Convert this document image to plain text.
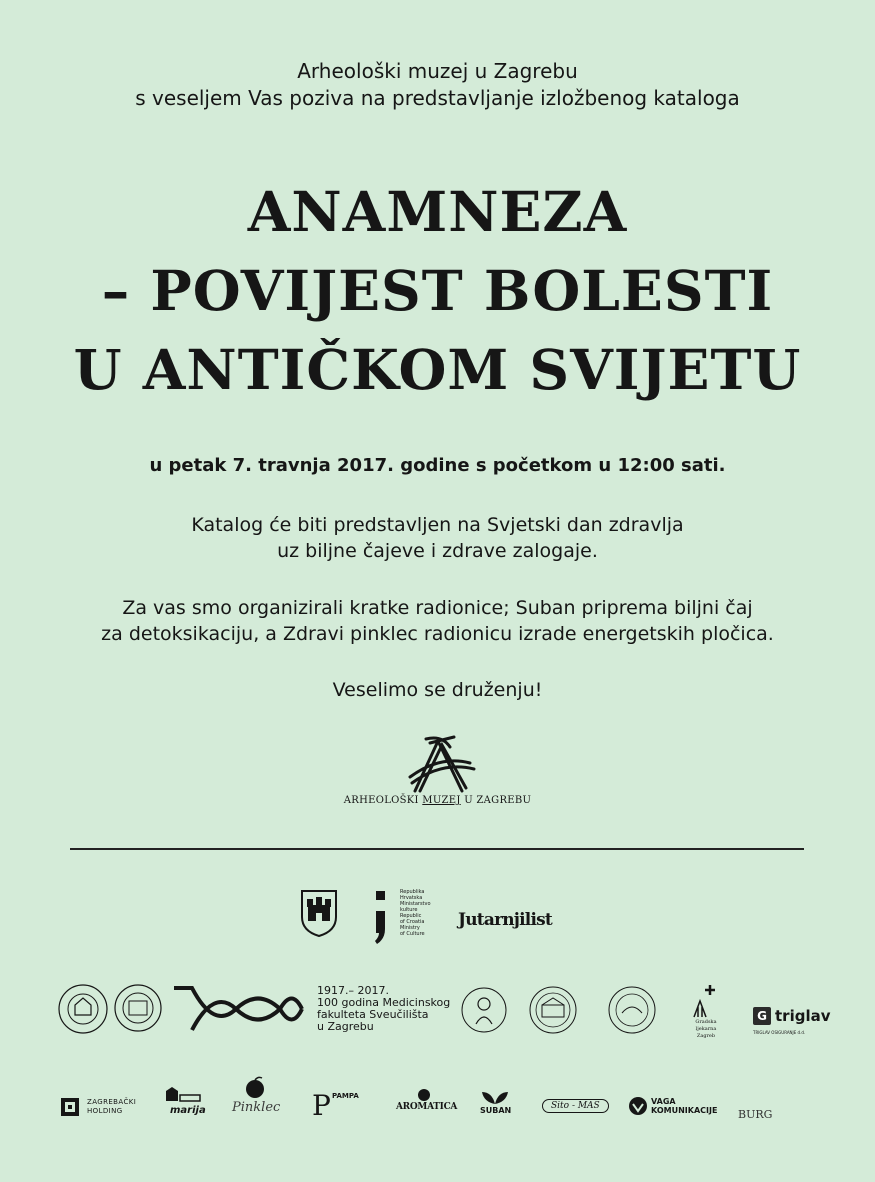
Arheološki muzej u Zagrebu
s veseljem Vas poziva na predstavljanje izložbenog kataloga
ANAMNEZA
– POVIJEST BOLESTI
U ANTIČKOM SVIJETU
u petak 7. travnja 2017. godine s početkom u 12:00 sati.
Katalog će biti predstavljen na Svjetski dan zdravlja
uz biljne čajeve i zdrave zalogaje.
Za vas smo organizirali kratke radionice; Suban priprema biljni čaj
za detoksikaciju, a Zdravi pinklec radionicu izrade energetskih pločica.
Veselimo se druženju!
ARHEOLOŠKI MUZEJ U ZAGREBU
Republika
Hrvatska
Ministarstvo
kulture
Republic
of Croatia
Ministry
of Culture
Jutarnjilist
1917.– 2017.
100 godina Medicinskog
fakulteta Sveučilišta
u Zagrebu	Gradska ljekarna
Zagreb
G triglav
TRIGLAV OSIGURANJE d.d.
ZAGREBAČKI
HOLDING	marija Pinklec P PAMPA
AROMATICA	SUBAN	Sito - MAS	VAGA
KOMUNIKACIJE BURG
